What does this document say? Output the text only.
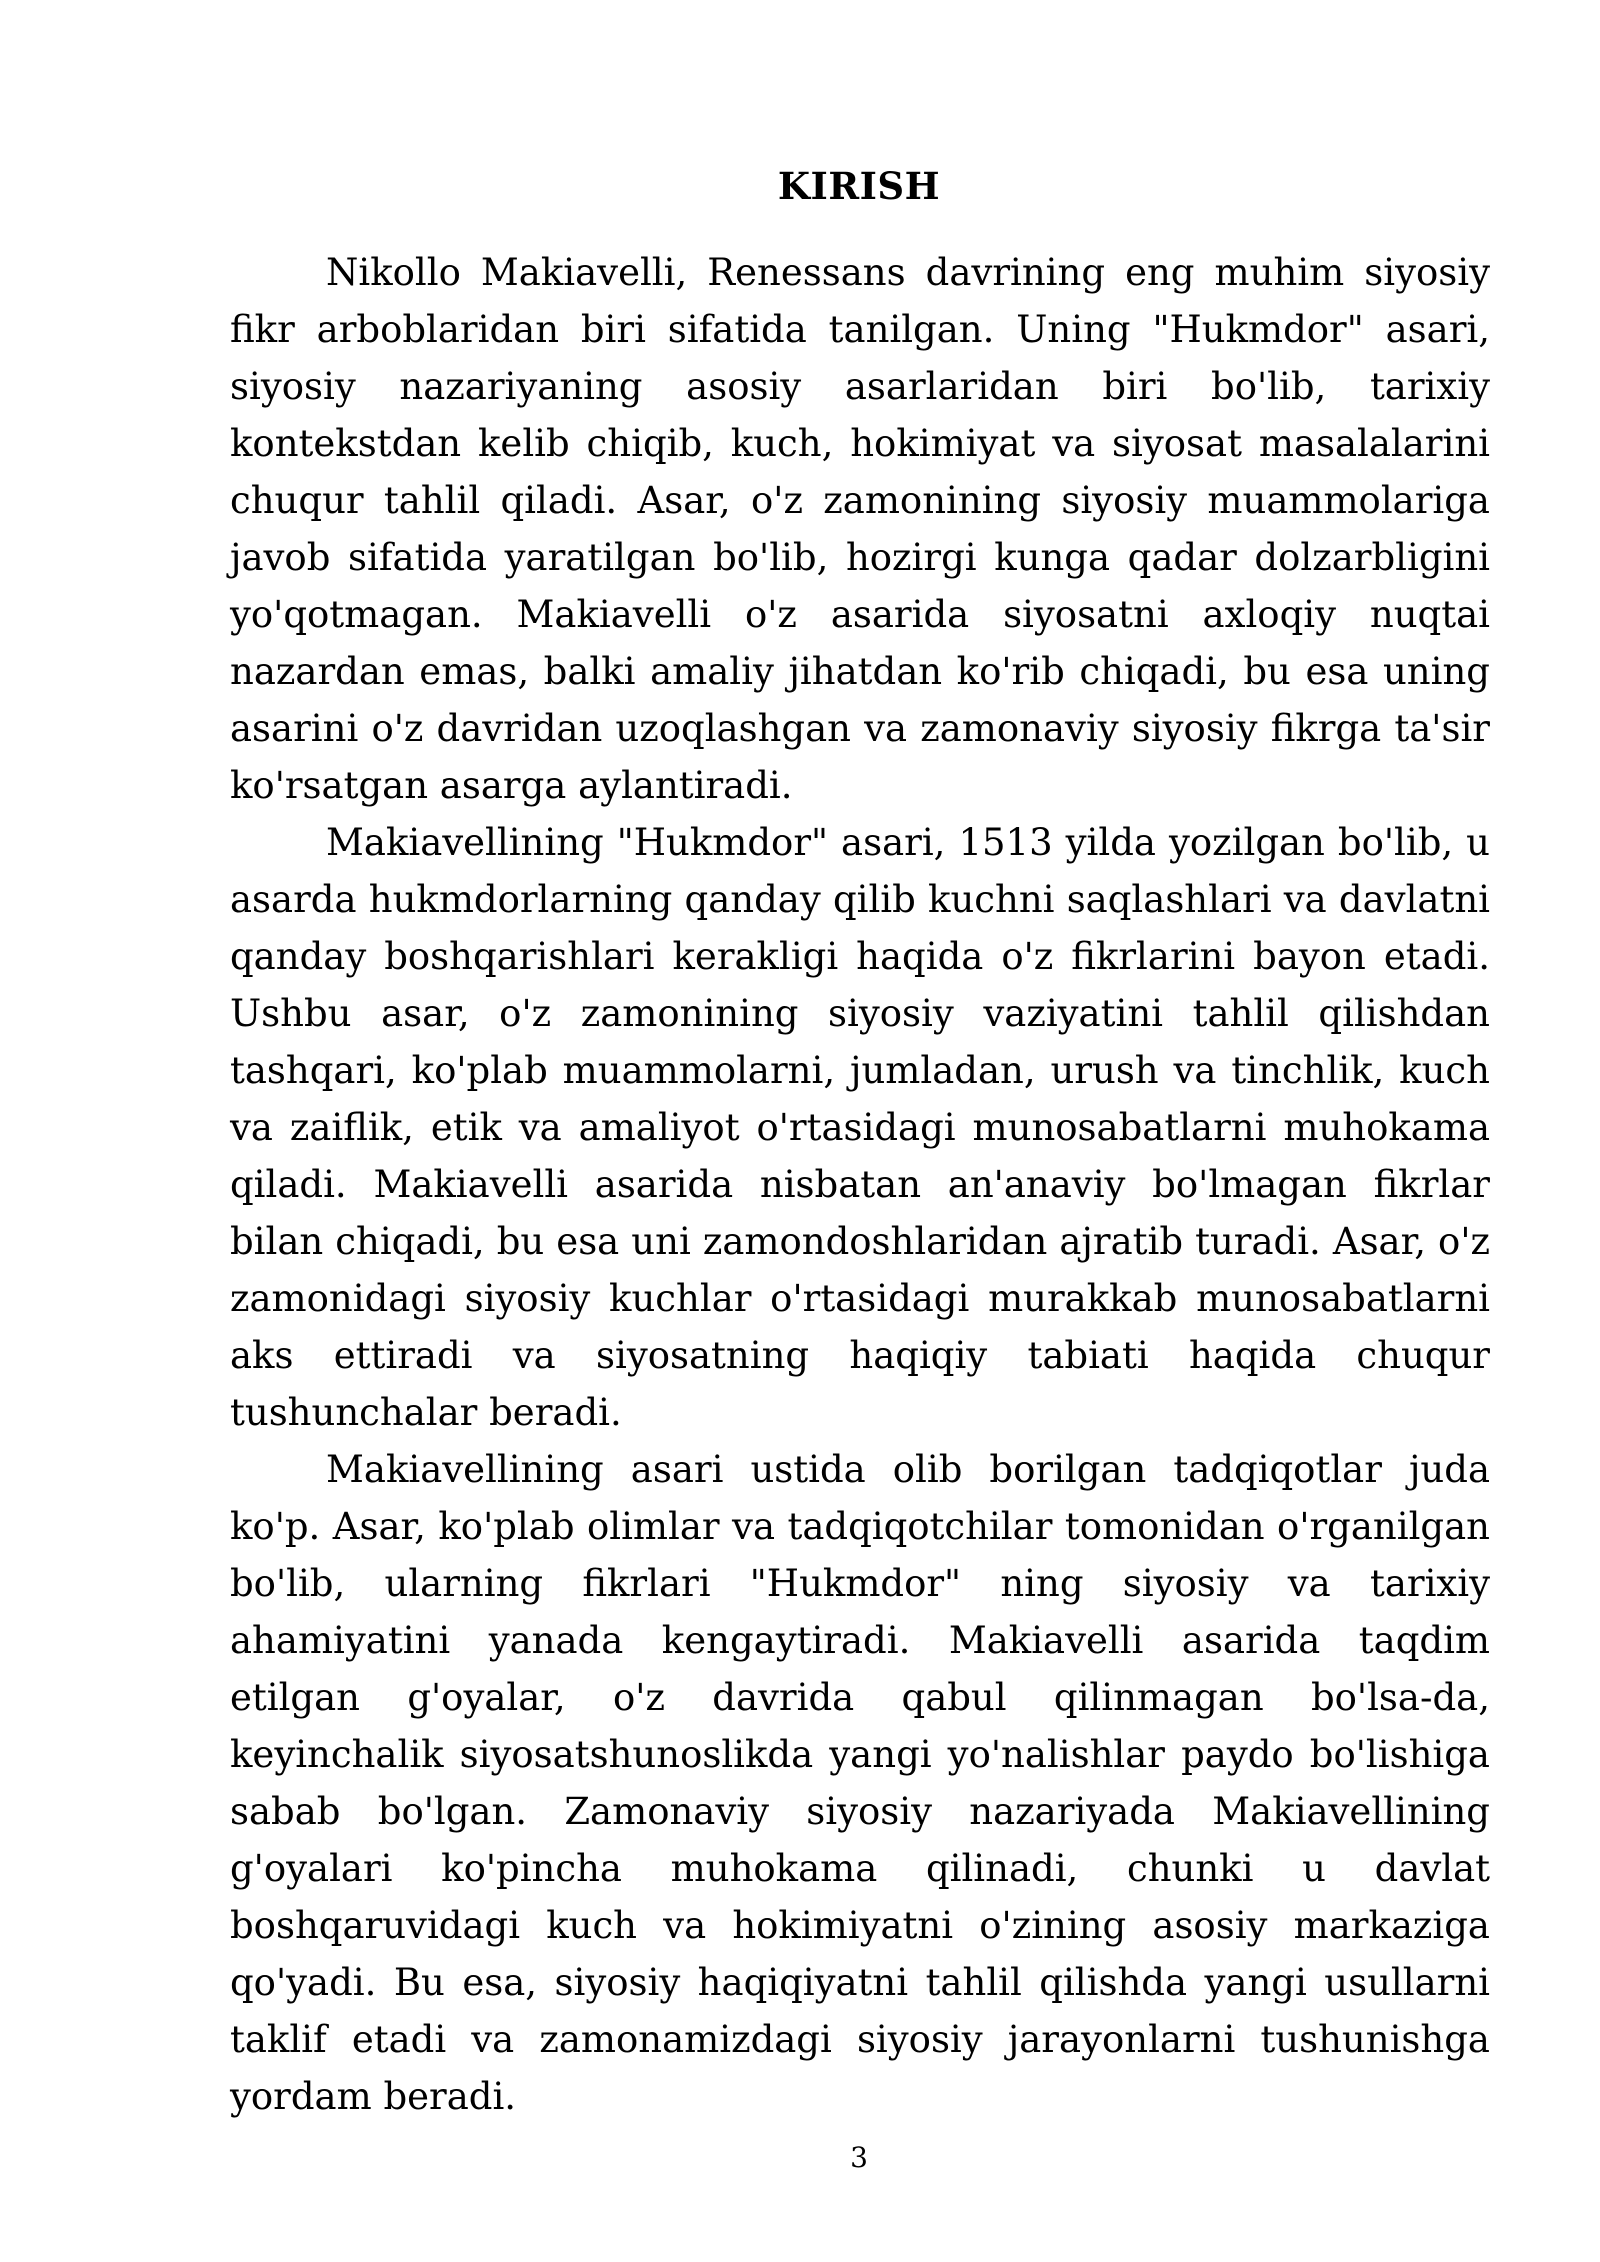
KIRISH

Nikollo Makiavelli, Renessans davrining eng muhim siyosiy fikr arboblaridan biri sifatida tanilgan. Uning "Hukmdor" asari, siyosiy nazariyaning asosiy asarlaridan biri bo'lib, tarixiy kontekstdan kelib chiqib, kuch, hokimiyat va siyosat masalalarini chuqur tahlil qiladi. Asar, o'z zamonining siyosiy muammolariga javob sifatida yaratilgan bo'lib, hozirgi kunga qadar dolzarbligini yo'qotmagan. Makiavelli o'z asarida siyosatni axloqiy nuqtai nazardan emas, balki amaliy jihatdan ko'rib chiqadi, bu esa uning asarini o'z davridan uzoqlashgan va zamonaviy siyosiy fikrga ta'sir ko'rsatgan asarga aylantiradi.

Makiavellining "Hukmdor" asari, 1513 yilda yozilgan bo'lib, u asarda hukmdorlarning qanday qilib kuchni saqlashlari va davlatni qanday boshqarishlari kerakligi haqida o'z fikrlarini bayon etadi. Ushbu asar, o'z zamonining siyosiy vaziyatini tahlil qilishdan tashqari, ko'plab muammolarni, jumladan, urush va tinchlik, kuch va zaiflik, etik va amaliyot o'rtasidagi munosabatlarni muhokama qiladi. Makiavelli asarida nisbatan an'anaviy bo'lmagan fikrlar bilan chiqadi, bu esa uni zamondoshlaridan ajratib turadi. Asar, o'z zamonidagi siyosiy kuchlar o'rtasidagi murakkab munosabatlarni aks ettiradi va siyosatning haqiqiy tabiati haqida chuqur tushunchalar beradi.

Makiavellining asari ustida olib borilgan tadqiqotlar juda ko'p. Asar, ko'plab olimlar va tadqiqotchilar tomonidan o'rganilgan bo'lib, ularning fikrlari "Hukmdor" ning siyosiy va tarixiy ahamiyatini yanada kengaytiradi. Makiavelli asarida taqdim etilgan g'oyalar, o'z davrida qabul qilinmagan bo'lsa-da, keyinchalik siyosatshunoslikda yangi yo'nalishlar paydo bo'lishiga sabab bo'lgan. Zamonaviy siyosiy nazariyada Makiavellining g'oyalari ko'pincha muhokama qilinadi, chunki u davlat boshqaruvidagi kuch va hokimiyatni o'zining asosiy markaziga qo'yadi. Bu esa, siyosiy haqiqiyatni tahlil qilishda yangi usullarni taklif etadi va zamonamizdagi siyosiy jarayonlarni tushunishga yordam beradi.

3
